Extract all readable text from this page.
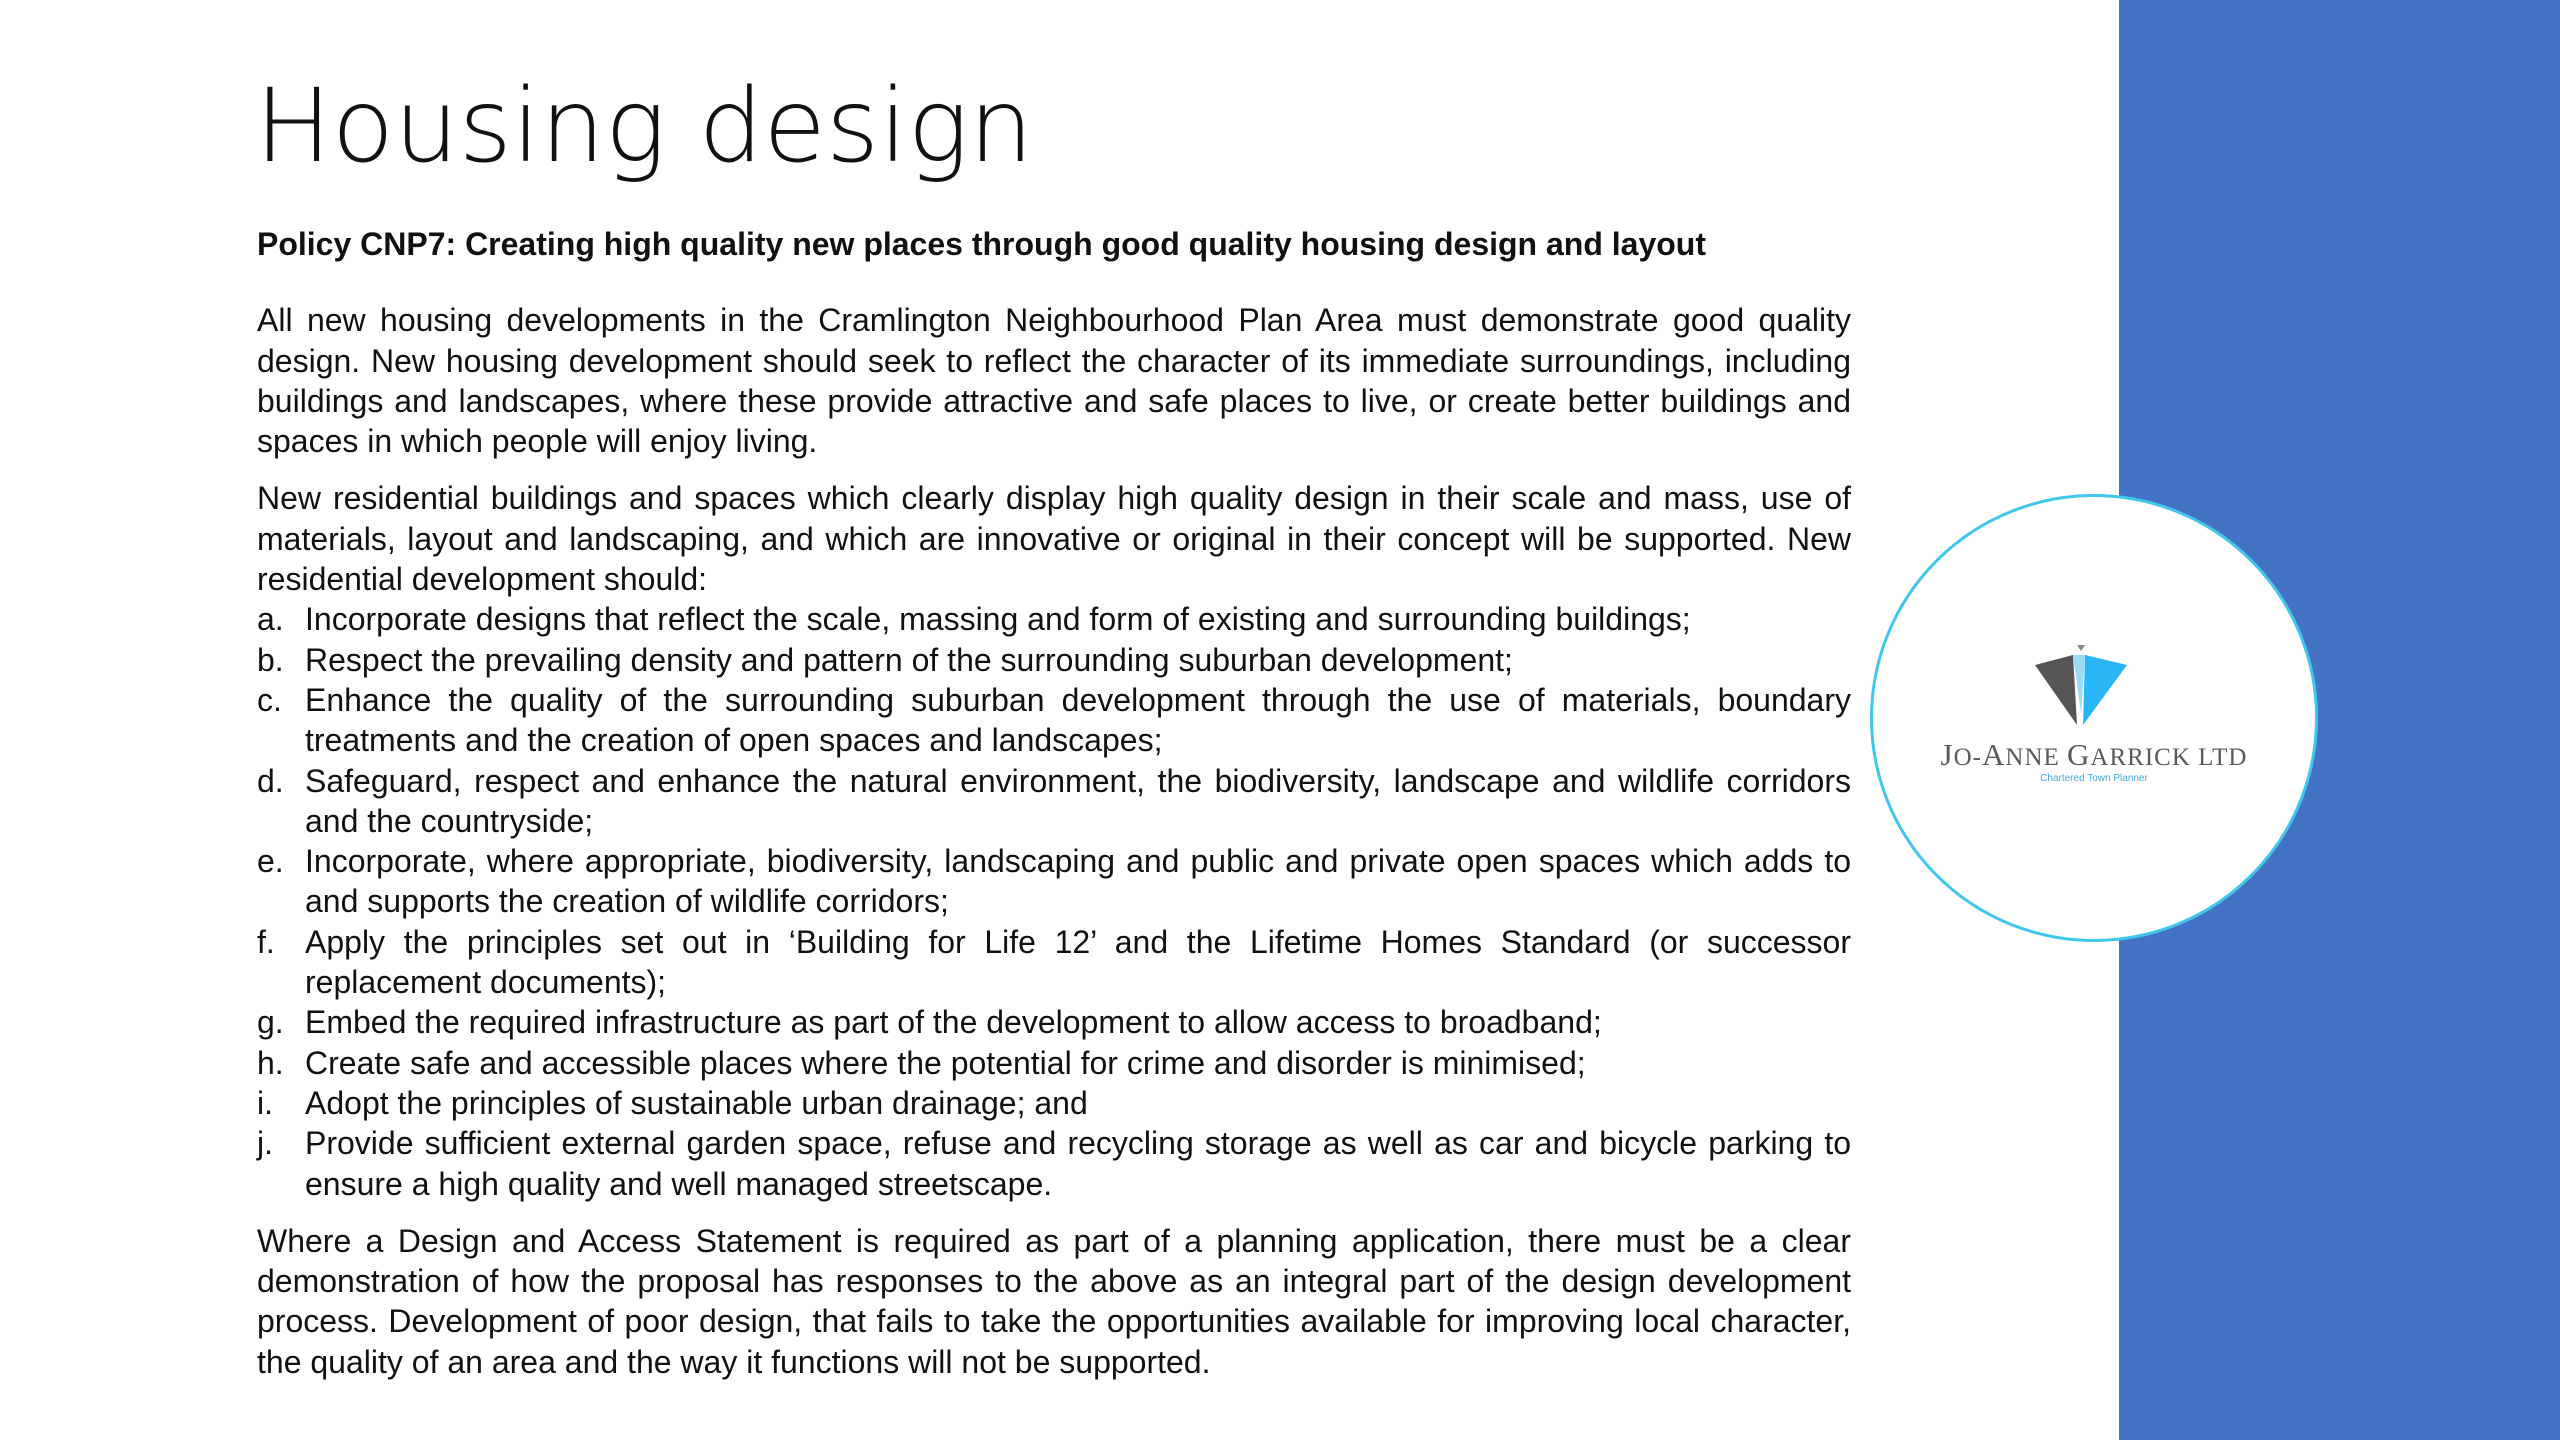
JO-ANNE GARRICK LTD
Chartered Town Planner
Housing design
Policy CNP7: Creating high quality new places through good quality housing design and layout

All new housing developments in the Cramlington Neighbourhood Plan Area must demonstrate good quality design. New housing development should seek to reflect the character of its immediate surroundings, including buildings and landscapes, where these provide attractive and safe places to live, or create better buildings and spaces in which people will enjoy living.

New residential buildings and spaces which clearly display high quality design in their scale and mass, use of materials, layout and landscaping, and which are innovative or original in their concept will be supported. New residential development should:

a. Incorporate designs that reflect the scale, massing and form of existing and surrounding buildings;
b. Respect the prevailing density and pattern of the surrounding suburban development;
c. Enhance the quality of the surrounding suburban development through the use of materials, boundary treatments and the creation of open spaces and landscapes;
d. Safeguard, respect and enhance the natural environment, the biodiversity, landscape and wildlife corridors and the countryside;
e. Incorporate, where appropriate, biodiversity, landscaping and public and private open spaces which adds to and supports the creation of wildlife corridors;
f. Apply the principles set out in ‘Building for Life 12’ and the Lifetime Homes Standard (or successor replacement documents);
g. Embed the required infrastructure as part of the development to allow access to broadband;
h. Create safe and accessible places where the potential for crime and disorder is minimised;
i. Adopt the principles of sustainable urban drainage; and
j. Provide sufficient external garden space, refuse and recycling storage as well as car and bicycle parking to ensure a high quality and well managed streetscape.

Where a Design and Access Statement is required as part of a planning application, there must be a clear demonstration of how the proposal has responses to the above as an integral part of the design development process. Development of poor design, that fails to take the opportunities available for improving local character, the quality of an area and the way it functions will not be supported.
